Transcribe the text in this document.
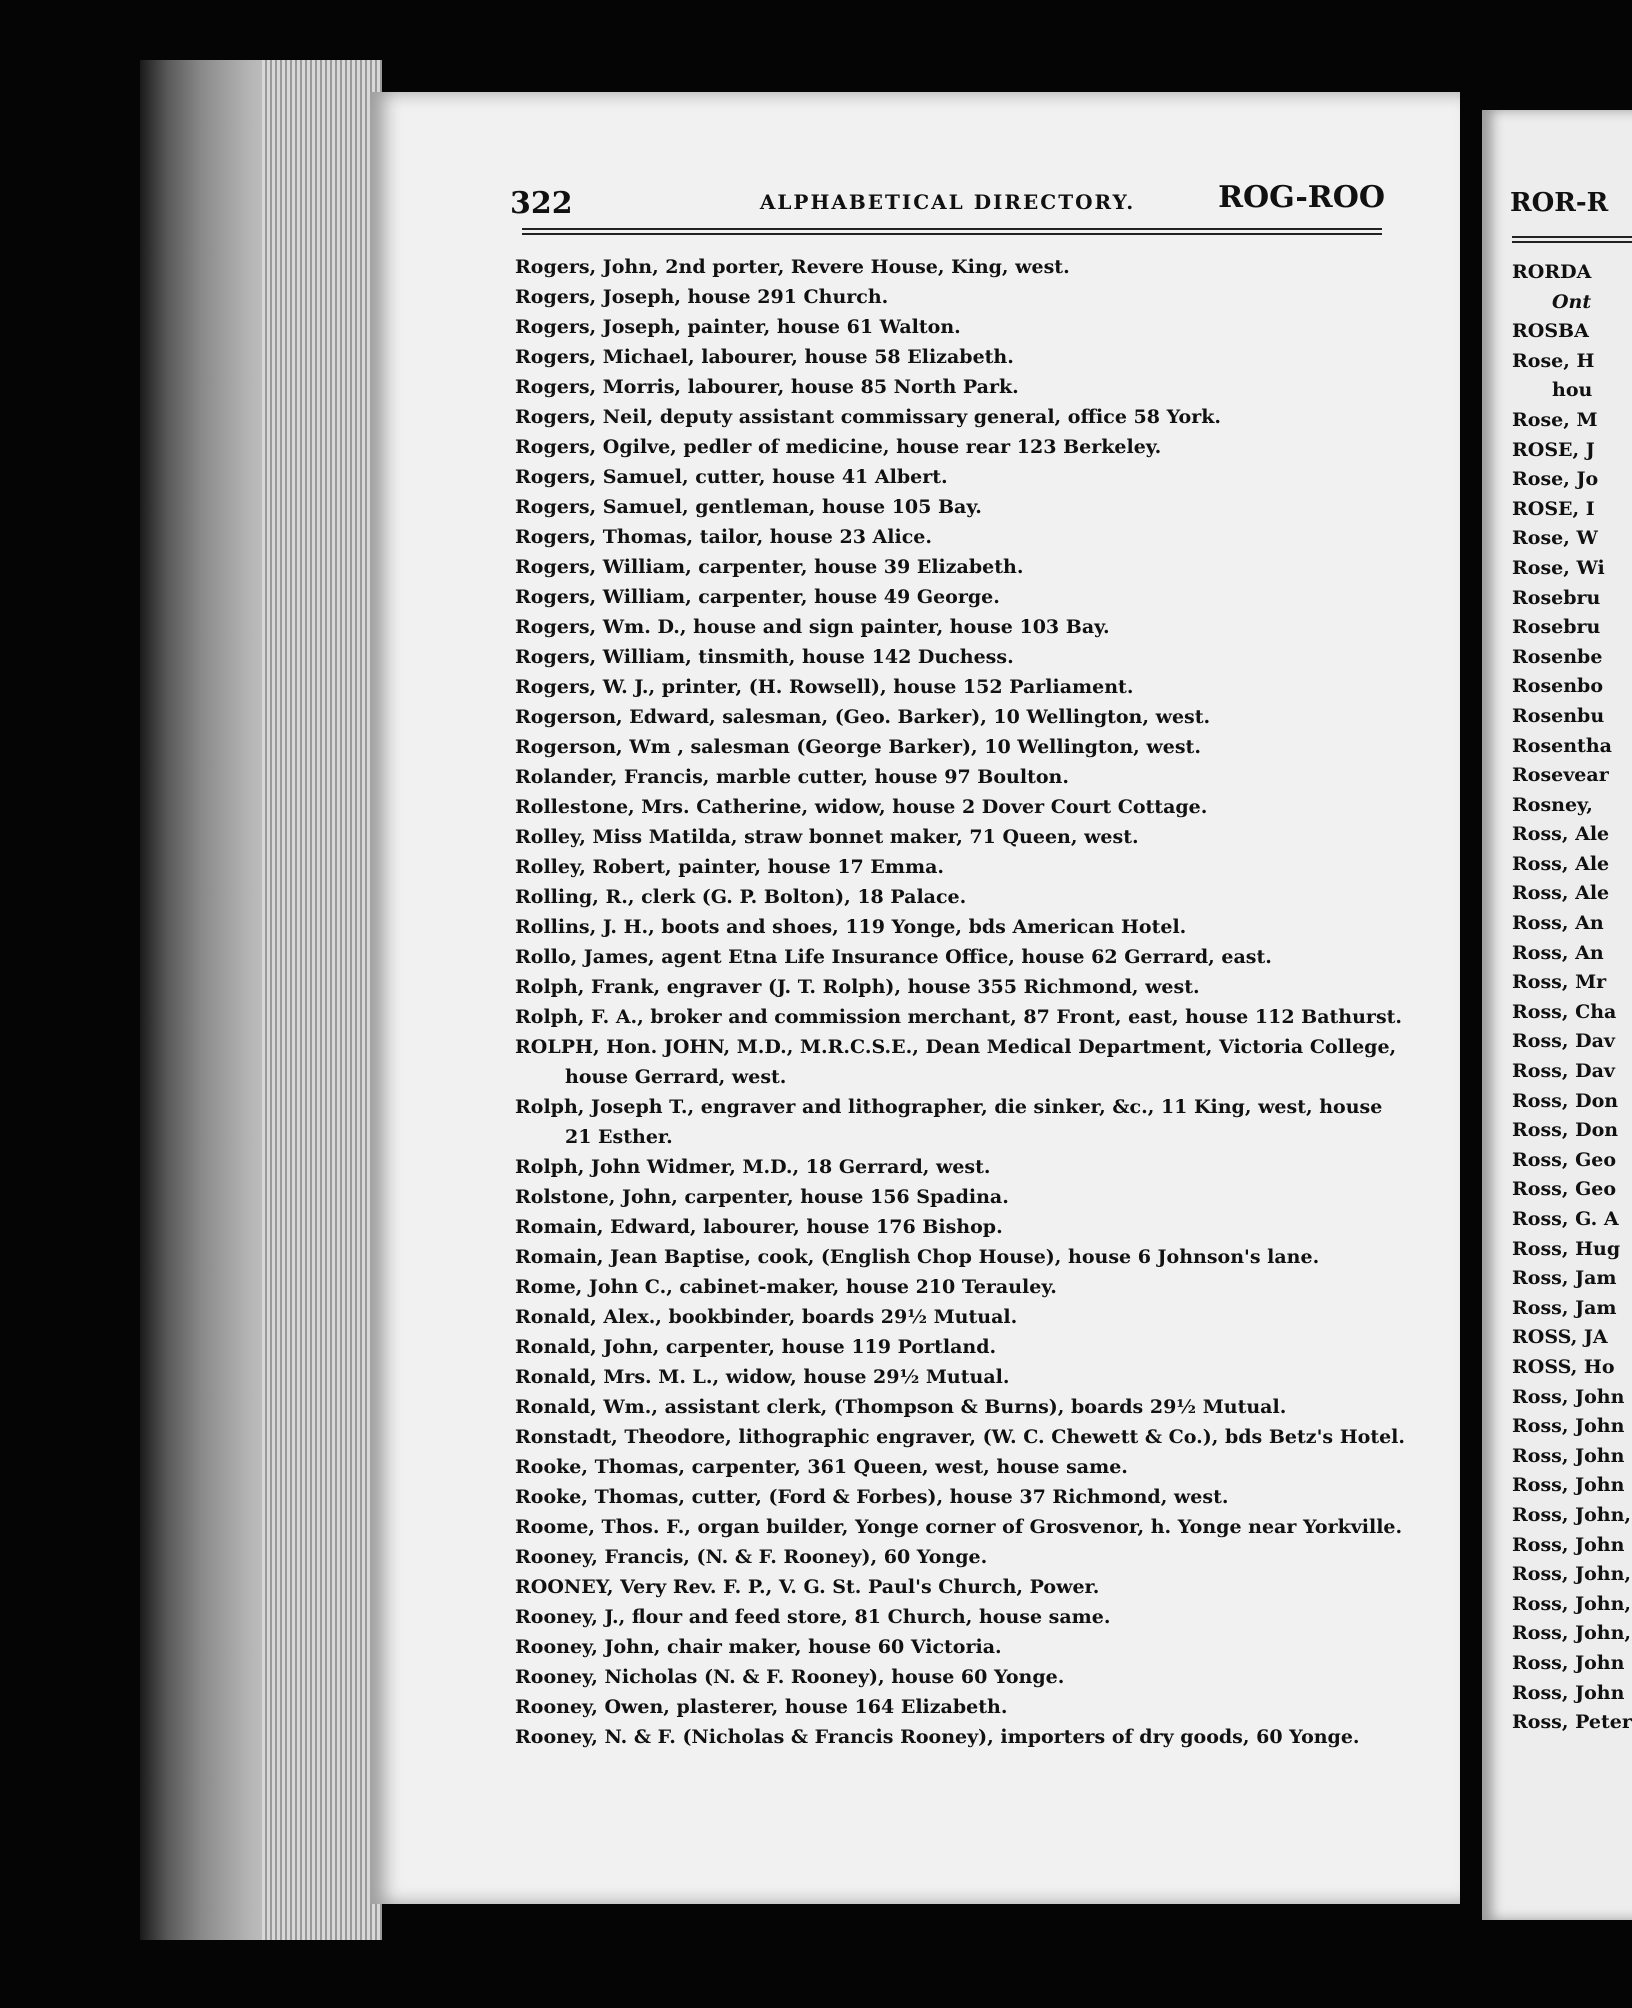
322	ALPHABETICAL DIRECTORY.	ROG-ROO
Rogers, John, 2nd porter, Revere House, King, west.
Rogers, Joseph, house 291 Church.
Rogers, Joseph, painter, house 61 Walton.
Rogers, Michael, labourer, house 58 Elizabeth.
Rogers, Morris, labourer, house 85 North Park.
Rogers, Neil, deputy assistant commissary general, office 58 York.
Rogers, Ogilve, pedler of medicine, house rear 123 Berkeley.
Rogers, Samuel, cutter, house 41 Albert.
Rogers, Samuel, gentleman, house 105 Bay.
Rogers, Thomas, tailor, house 23 Alice.
Rogers, William, carpenter, house 39 Elizabeth.
Rogers, William, carpenter, house 49 George.
Rogers, Wm. D., house and sign painter, house 103 Bay.
Rogers, William, tinsmith, house 142 Duchess.
Rogers, W. J., printer, (H. Rowsell), house 152 Parliament.
Rogerson, Edward, salesman, (Geo. Barker), 10 Wellington, west.
Rogerson, Wm , salesman (George Barker), 10 Wellington, west.
Rolander, Francis, marble cutter, house 97 Boulton.
Rollestone, Mrs. Catherine, widow, house 2 Dover Court Cottage.
Rolley, Miss Matilda, straw bonnet maker, 71 Queen, west.
Rolley, Robert, painter, house 17 Emma.
Rolling, R., clerk (G. P. Bolton), 18 Palace.
Rollins, J. H., boots and shoes, 119 Yonge, bds American Hotel.
Rollo, James, agent Etna Life Insurance Office, house 62 Gerrard, east.
Rolph, Frank, engraver (J. T. Rolph), house 355 Richmond, west.
Rolph, F. A., broker and commission merchant, 87 Front, east, house 112 Bathurst.
ROLPH, Hon. JOHN, M.D., M.R.C.S.E., Dean Medical Department, Victoria College,
house Gerrard, west.
Rolph, Joseph T., engraver and lithographer, die sinker, &c., 11 King, west, house
21 Esther.
Rolph, John Widmer, M.D., 18 Gerrard, west.
Rolstone, John, carpenter, house 156 Spadina.
Romain, Edward, labourer, house 176 Bishop.
Romain, Jean Baptise, cook, (English Chop House), house 6 Johnson's lane.
Rome, John C., cabinet-maker, house 210 Terauley.
Ronald, Alex., bookbinder, boards 29½ Mutual.
Ronald, John, carpenter, house 119 Portland.
Ronald, Mrs. M. L., widow, house 29½ Mutual.
Ronald, Wm., assistant clerk, (Thompson & Burns), boards 29½ Mutual.
Ronstadt, Theodore, lithographic engraver, (W. C. Chewett & Co.), bds Betz's Hotel.
Rooke, Thomas, carpenter, 361 Queen, west, house same.
Rooke, Thomas, cutter, (Ford & Forbes), house 37 Richmond, west.
Roome, Thos. F., organ builder, Yonge corner of Grosvenor, h. Yonge near Yorkville.
Rooney, Francis, (N. & F. Rooney), 60 Yonge.
ROONEY, Very Rev. F. P., V. G. St. Paul's Church, Power.
Rooney, J., flour and feed store, 81 Church, house same.
Rooney, John, chair maker, house 60 Victoria.
Rooney, Nicholas (N. & F. Rooney), house 60 Yonge.
Rooney, Owen, plasterer, house 164 Elizabeth.
Rooney, N. & F. (Nicholas & Francis Rooney), importers of dry goods, 60 Yonge.
ROR-R
RORDA
Ont
ROSBA
Rose, H
hou
Rose, M
ROSE, J
Rose, Jo
ROSE, I
Rose, W
Rose, Wi
Rosebru
Rosebru
Rosenbe
Rosenbo
Rosenbu
Rosentha
Rosevear
Rosney,
Ross, Ale
Ross, Ale
Ross, Ale
Ross, An
Ross, An
Ross, Mr
Ross, Cha
Ross, Dav
Ross, Dav
Ross, Don
Ross, Don
Ross, Geo
Ross, Geo
Ross, G. A
Ross, Hug
Ross, Jam
Ross, Jam
ROSS, JA
ROSS, Ho
Ross, John
Ross, John
Ross, John
Ross, John
Ross, John,
Ross, John
Ross, John,
Ross, John,
Ross, John,
Ross, John
Ross, John
Ross, Peter
